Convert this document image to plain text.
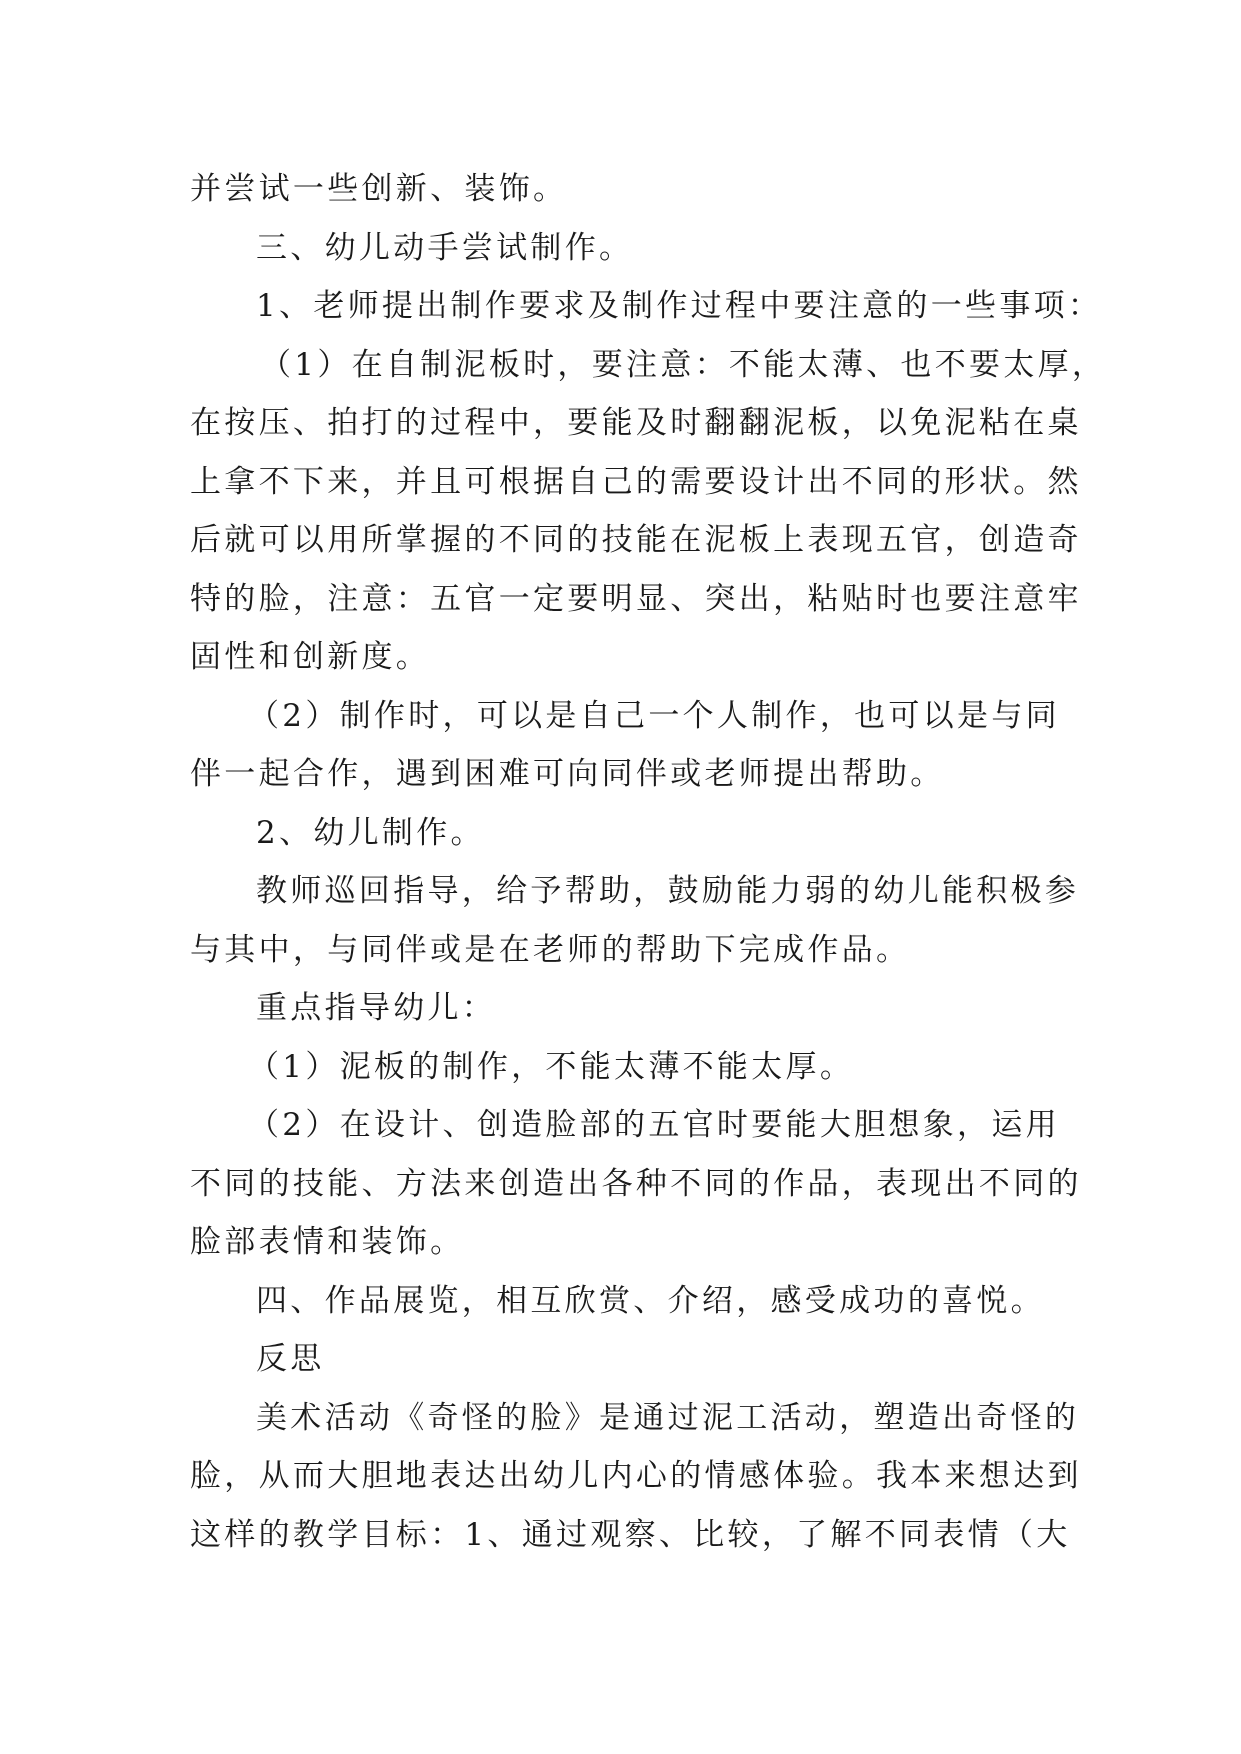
并尝试一些创新、装饰。
三、幼儿动手尝试制作。
1、老师提出制作要求及制作过程中要注意的一些事项：
（1）在自制泥板时，要注意：不能太薄、也不要太厚，
在按压、拍打的过程中，要能及时翻翻泥板，以免泥粘在桌
上拿不下来，并且可根据自己的需要设计出不同的形状。然
后就可以用所掌握的不同的技能在泥板上表现五官，创造奇
特的脸，注意：五官一定要明显、突出，粘贴时也要注意牢
固性和创新度。
（2）制作时，可以是自己一个人制作，也可以是与同
伴一起合作，遇到困难可向同伴或老师提出帮助。
2、幼儿制作。
教师巡回指导，给予帮助，鼓励能力弱的幼儿能积极参
与其中，与同伴或是在老师的帮助下完成作品。
重点指导幼儿：
（1）泥板的制作，不能太薄不能太厚。
（2）在设计、创造脸部的五官时要能大胆想象，运用
不同的技能、方法来创造出各种不同的作品，表现出不同的
脸部表情和装饰。
四、作品展览，相互欣赏、介绍，感受成功的喜悦。
反思
美术活动《奇怪的脸》是通过泥工活动，塑造出奇怪的
脸，从而大胆地表达出幼儿内心的情感体验。我本来想达到
这样的教学目标：1、通过观察、比较，了解不同表情（大
